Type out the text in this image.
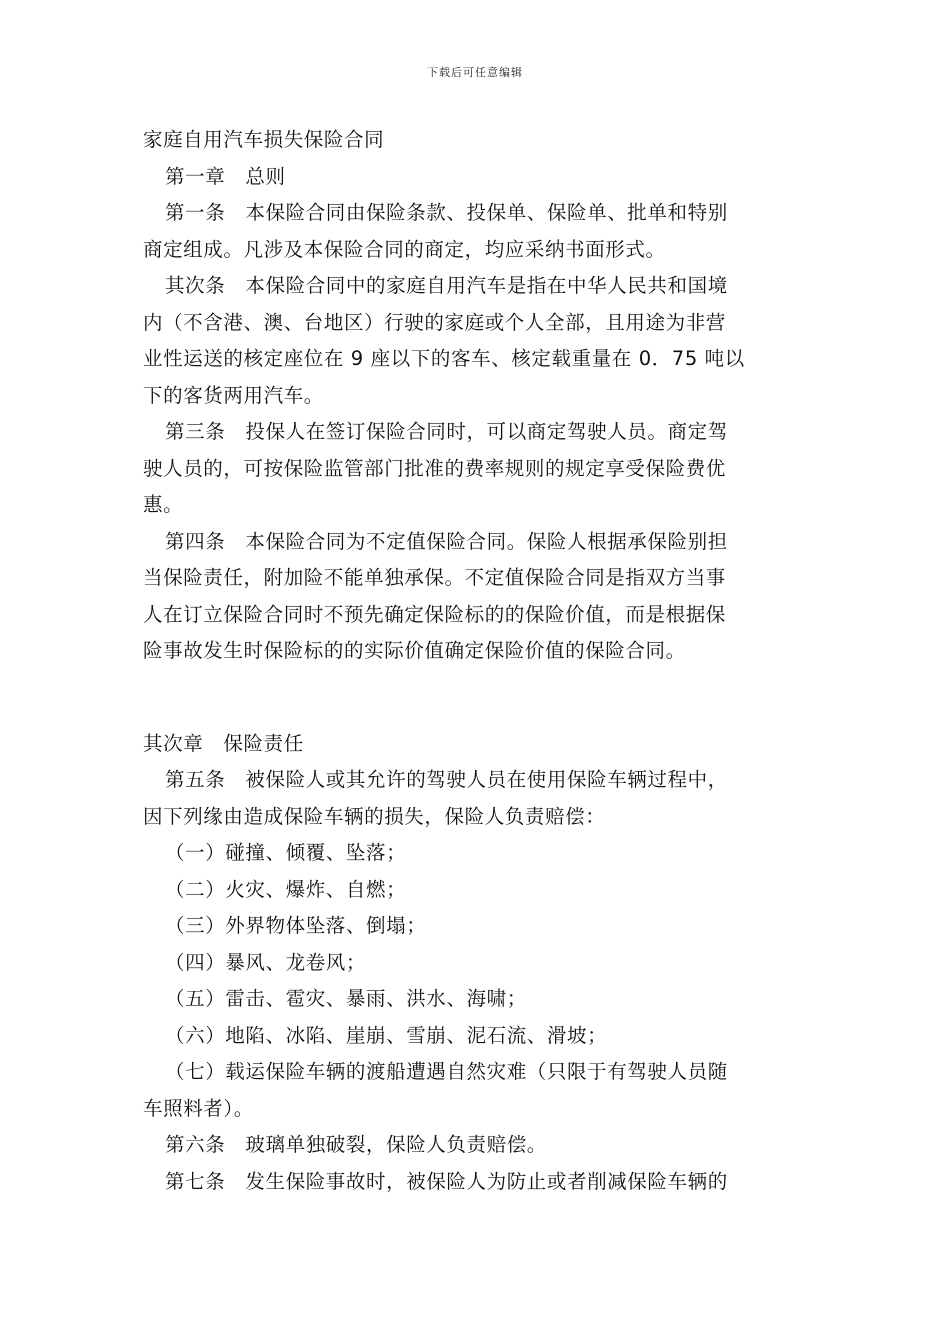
下载后可任意编辑
家庭自用汽车损失保险合同
第一章　总则
第一条　本保险合同由保险条款、投保单、保险单、批单和特别
商定组成。凡涉及本保险合同的商定，均应采纳书面形式。
其次条　本保险合同中的家庭自用汽车是指在中华人民共和国境
内（不含港、澳、台地区）行驶的家庭或个人全部，且用途为非营
业性运送的核定座位在 9 座以下的客车、核定载重量在 0．75 吨以
下的客货两用汽车。
第三条　投保人在签订保险合同时，可以商定驾驶人员。商定驾
驶人员的，可按保险监管部门批准的费率规则的规定享受保险费优
惠。
第四条　本保险合同为不定值保险合同。保险人根据承保险别担
当保险责任，附加险不能单独承保。不定值保险合同是指双方当事
人在订立保险合同时不预先确定保险标的的保险价值，而是根据保
险事故发生时保险标的的实际价值确定保险价值的保险合同。
其次章　保险责任
第五条　被保险人或其允许的驾驶人员在使用保险车辆过程中，
因下列缘由造成保险车辆的损失，保险人负责赔偿：
（一）碰撞、倾覆、坠落；
（二）火灾、爆炸、自燃；
（三）外界物体坠落、倒塌；
（四）暴风、龙卷风；
（五）雷击、雹灾、暴雨、洪水、海啸；
（六）地陷、冰陷、崖崩、雪崩、泥石流、滑坡；
（七）载运保险车辆的渡船遭遇自然灾难（只限于有驾驶人员随
车照料者）。
第六条　玻璃单独破裂，保险人负责赔偿。
第七条　发生保险事故时，被保险人为防止或者削减保险车辆的
